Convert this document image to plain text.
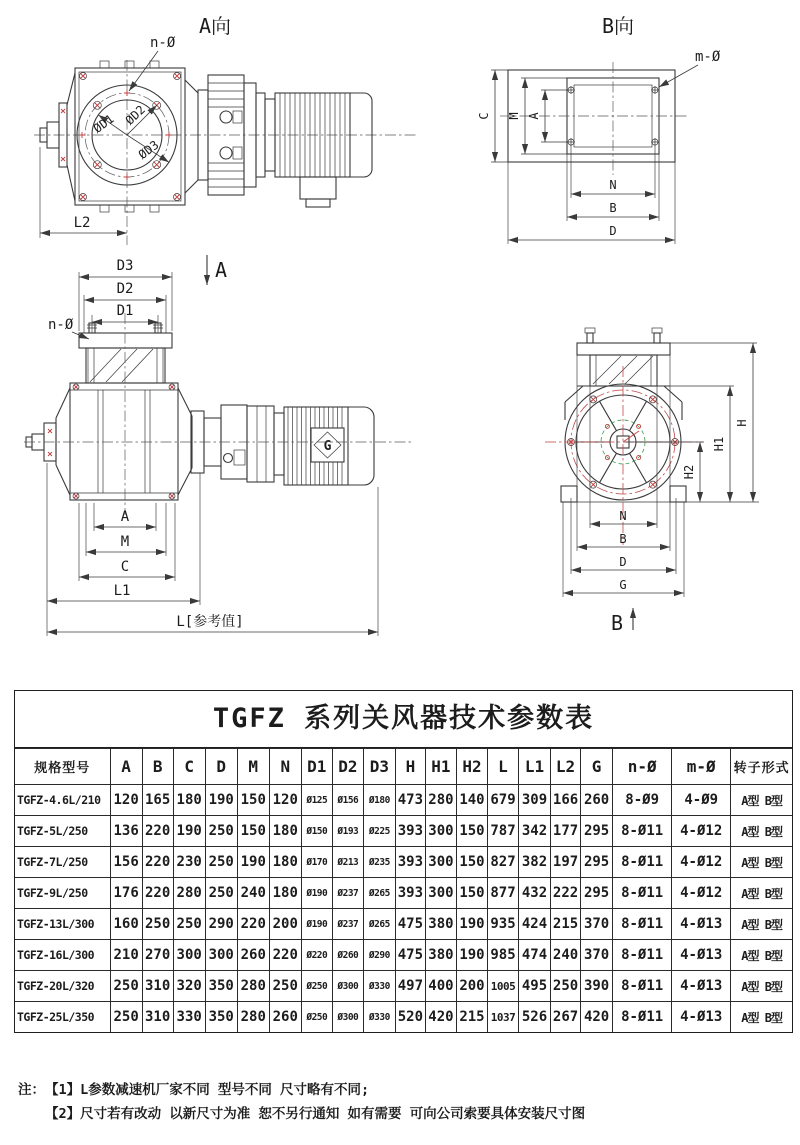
A向
ØD1 ØD2
ØD3
n-Ø
L2
B向
m-Ø
C M A
N
B
D
A
D3
D2
D1
n-Ø
G
A
M
C
L1
L[参考值]
H2
H1
H
N
B
D
G
B
TGFZ 系列关风器技术参数表
规格型号	A	B	C	D	M	N	D1	D2	D3	H	H1	H2	L	L1	L2	G	n-Ø	m-Ø	转子形式
TGFZ-4.6L/210	120	165	180	190	150	120	Ø125	Ø156	Ø180	473	280	140	679	309	166	260	8-Ø9	4-Ø9	A型 B型
TGFZ-5L/250	136	220	190	250	150	180	Ø150	Ø193	Ø225	393	300	150	787	342	177	295	8-Ø11	4-Ø12	A型 B型
TGFZ-7L/250	156	220	230	250	190	180	Ø170	Ø213	Ø235	393	300	150	827	382	197	295	8-Ø11	4-Ø12	A型 B型
TGFZ-9L/250	176	220	280	250	240	180	Ø190	Ø237	Ø265	393	300	150	877	432	222	295	8-Ø11	4-Ø12	A型 B型
TGFZ-13L/300	160	250	250	290	220	200	Ø190	Ø237	Ø265	475	380	190	935	424	215	370	8-Ø11	4-Ø13	A型 B型
TGFZ-16L/300	210	270	300	300	260	220	Ø220	Ø260	Ø290	475	380	190	985	474	240	370	8-Ø11	4-Ø13	A型 B型
TGFZ-20L/320	250	310	320	350	280	250	Ø250	Ø300	Ø330	497	400	200	1005	495	250	390	8-Ø11	4-Ø13	A型 B型
TGFZ-25L/350	250	310	330	350	280	260	Ø250	Ø300	Ø330	520	420	215	1037	526	267	420	8-Ø11	4-Ø13	A型 B型
注： 【1】L参数减速机厂家不同 型号不同 尺寸略有不同;
【2】尺寸若有改动 以新尺寸为准 恕不另行通知 如有需要 可向公司索要具体安装尺寸图
